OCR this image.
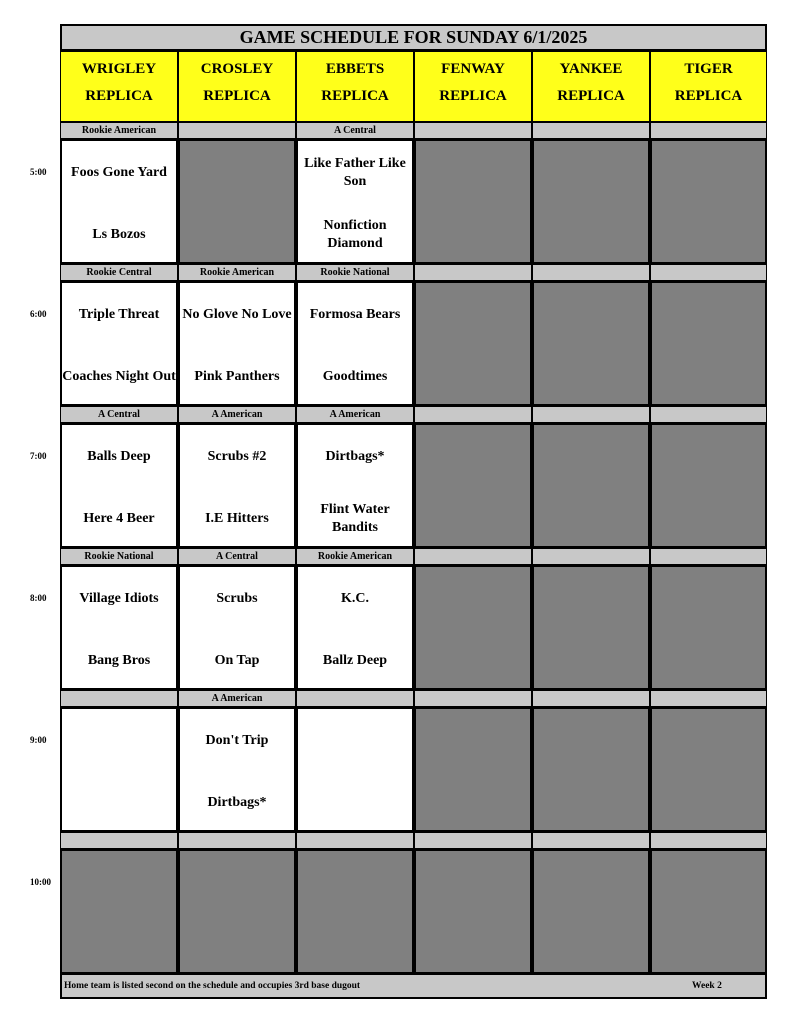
GAME SCHEDULE FOR SUNDAY 6/1/2025
WRIGLEY
REPLICA
CROSLEY
REPLICA
EBBETS
REPLICA
FENWAY
REPLICA
YANKEE
REPLICA
TIGER
REPLICA
5:00
Rookie American
Foos Gone Yard
Ls Bozos
A Central
Like Father Like Son
Nonfiction Diamond
6:00
Rookie Central
Triple Threat
Coaches Night Out
Rookie American
No Glove No Love
Pink Panthers
Rookie National
Formosa Bears
Goodtimes
7:00
A Central
Balls Deep
Here 4 Beer
A American
Scrubs #2
I.E Hitters
A American
Dirtbags*
Flint Water Bandits
8:00
Rookie National
Village Idiots
Bang Bros
A Central
Scrubs
On Tap
Rookie American
K.C.
Ballz Deep
9:00
A American
Don't Trip
Dirtbags*
10:00
Home team is listed second on the schedule and occupies 3rd base dugout	Week 2
